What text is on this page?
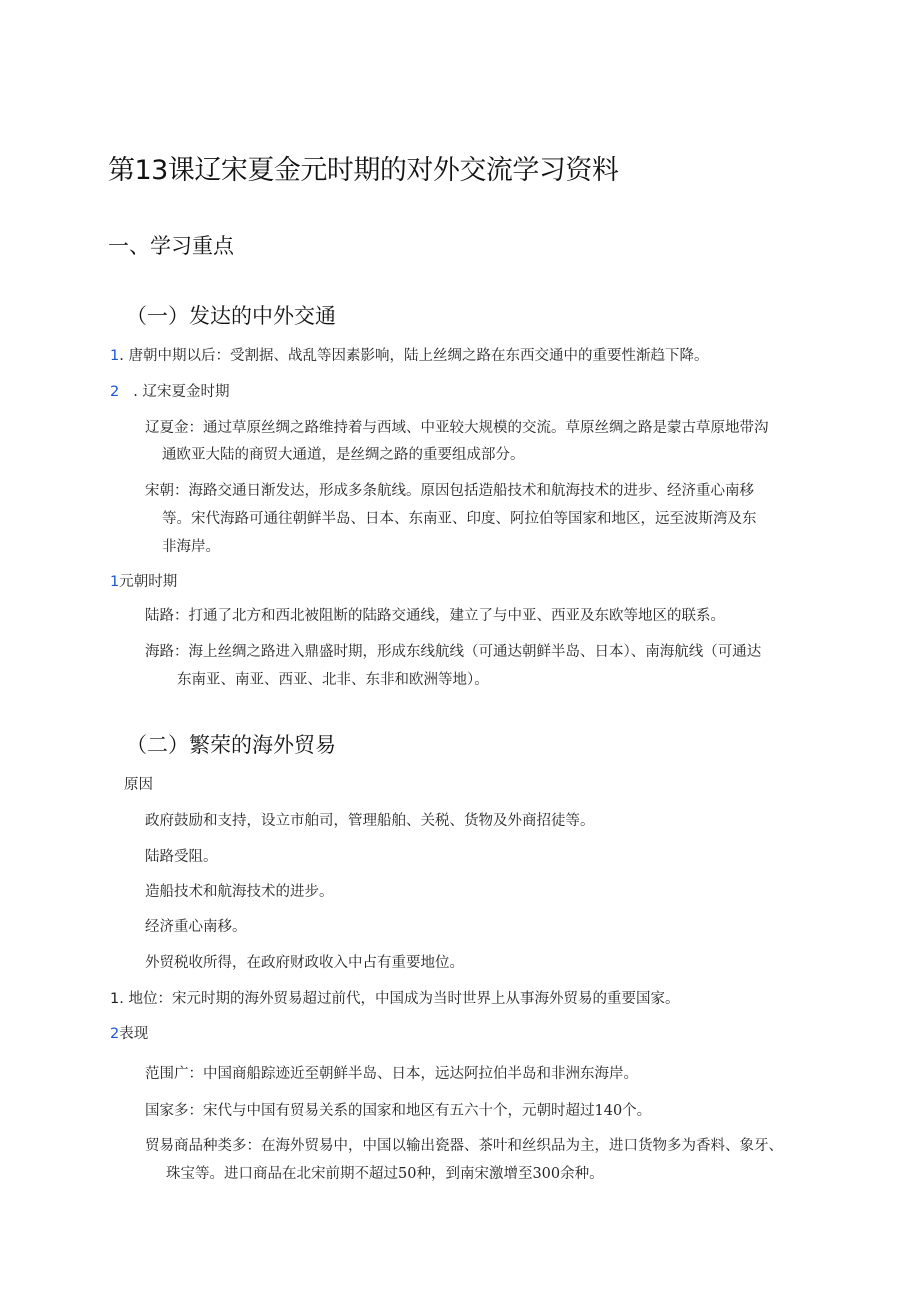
第13课辽宋夏金元时期的对外交流学习资料
一、学习重点
（一）发达的中外交通
1. 唐朝中期以后：受割据、战乱等因素影响，陆上丝绸之路在东西交通中的重要性渐趋下降。
2 . 辽宋夏金时期
辽夏金：通过草原丝绸之路维持着与西域、中亚较大规模的交流。草原丝绸之路是蒙古草原地带沟
通欧亚大陆的商贸大通道，是丝绸之路的重要组成部分。
宋朝：海路交通日渐发达，形成多条航线。原因包括造船技术和航海技术的进步、经济重心南移
等。宋代海路可通往朝鲜半岛、日本、东南亚、印度、阿拉伯等国家和地区，远至波斯湾及东
非海岸。
1元朝时期
陆路：打通了北方和西北被阻断的陆路交通线，建立了与中亚、西亚及东欧等地区的联系。
海路：海上丝绸之路进入鼎盛时期，形成东线航线（可通达朝鲜半岛、日本）、南海航线（可通达
东南亚、南亚、西亚、北非、东非和欧洲等地）。
（二）繁荣的海外贸易
原因
政府鼓励和支持，设立市舶司，管理船舶、关税、货物及外商招徒等。
陆路受阻。
造船技术和航海技术的进步。
经济重心南移。
外贸税收所得，在政府财政收入中占有重要地位。
1. 地位：宋元时期的海外贸易超过前代，中国成为当时世界上从事海外贸易的重要国家。
2表现
范围广：中国商船踪迹近至朝鲜半岛、日本，远达阿拉伯半岛和非洲东海岸。
国家多：宋代与中国有贸易关系的国家和地区有五六十个，元朝时超过140个。
贸易商品种类多：在海外贸易中，中国以输出瓷器、茶叶和丝织品为主，进口货物多为香料、象牙、
珠宝等。进口商品在北宋前期不超过50种，到南宋激增至300余种。
